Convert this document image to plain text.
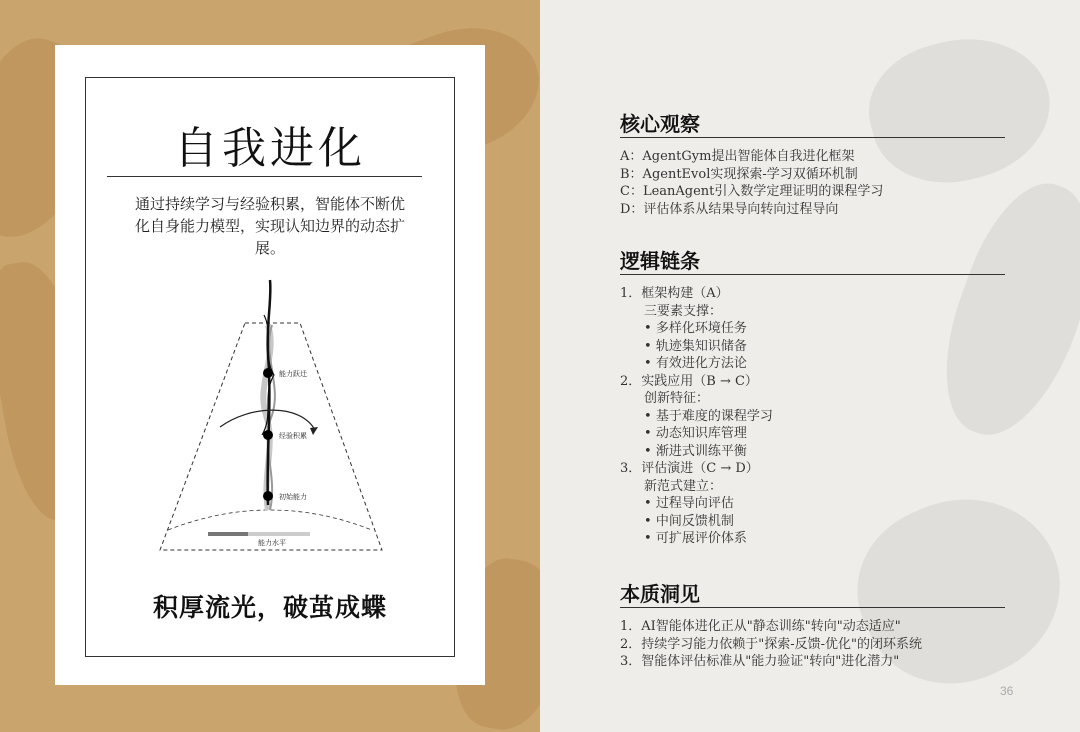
自我进化
通过持续学习与经验积累，智能体不断优化自身能力模型，实现认知边界的动态扩展。
能力跃迁
经验积累
初始能力
能力水平
积厚流光，破茧成蝶
核心观察
A：AgentGym提出智能体自我进化框架
B：AgentEvol实现探索-学习双循环机制
C：LeanAgent引入数学定理证明的课程学习
D：评估体系从结果导向转向过程导向
逻辑链条
1．框架构建（A）
三要素支撑：
• 多样化环境任务
• 轨迹集知识储备
• 有效进化方法论
2．实践应用（B → C）
创新特征：
• 基于难度的课程学习
• 动态知识库管理
• 渐进式训练平衡
3．评估演进（C → D）
新范式建立：
• 过程导向评估
• 中间反馈机制
• 可扩展评价体系
本质洞见
1．AI智能体进化正从"静态训练"转向"动态适应"
2．持续学习能力依赖于"探索-反馈-优化"的闭环系统
3．智能体评估标准从"能力验证"转向"进化潜力"
36
